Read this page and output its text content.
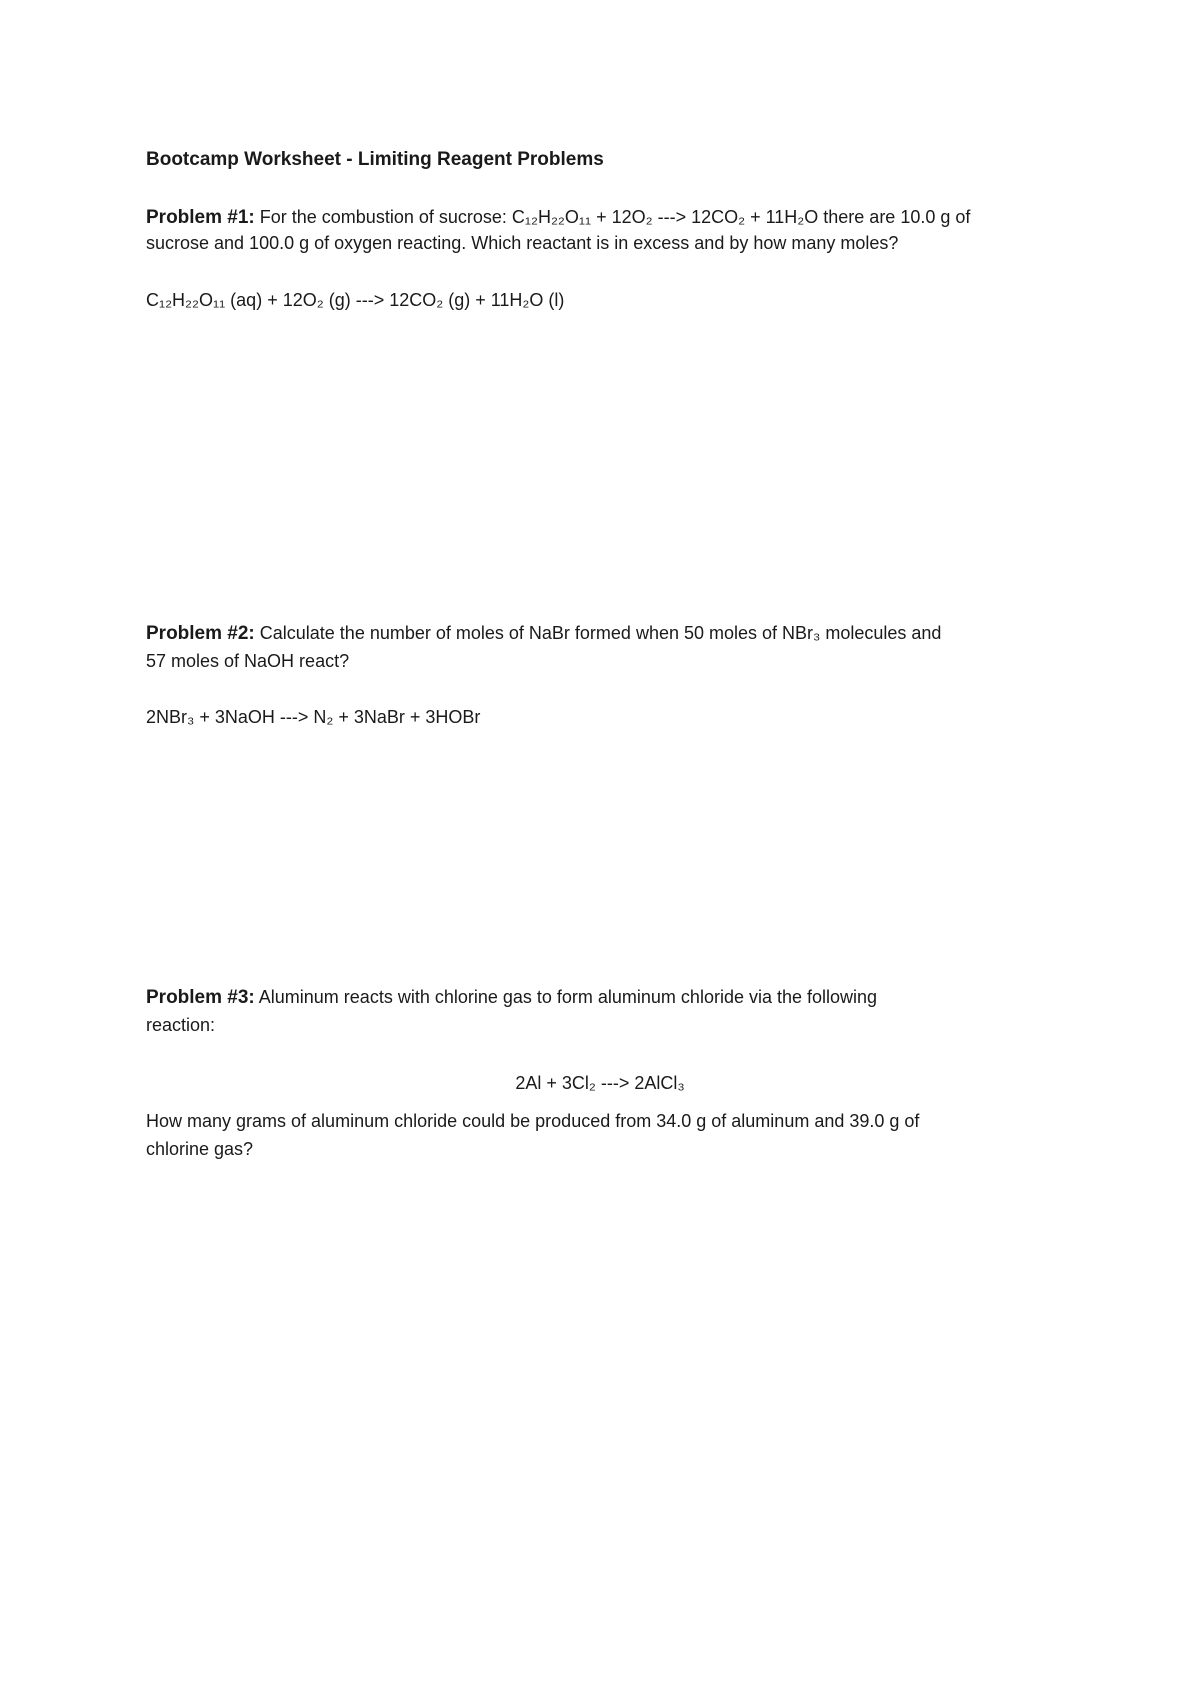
Bootcamp Worksheet - Limiting Reagent Problems
Problem #1: For the combustion of sucrose: C₁₂H₂₂O₁₁ + 12O₂ ---> 12CO₂ + 11H₂O there are 10.0 g of
sucrose and 100.0 g of oxygen reacting. Which reactant is in excess and by how many moles?
C₁₂H₂₂O₁₁ (aq) + 12O₂ (g) ---> 12CO₂ (g) + 11H₂O (l)
Problem #2: Calculate the number of moles of NaBr formed when 50 moles of NBr₃ molecules and
57 moles of NaOH react?
2NBr₃ + 3NaOH ---> N₂ + 3NaBr + 3HOBr
Problem #3: Aluminum reacts with chlorine gas to form aluminum chloride via the following
reaction:
2Al + 3Cl₂ ---> 2AlCl₃
How many grams of aluminum chloride could be produced from 34.0 g of aluminum and 39.0 g of
chlorine gas?
